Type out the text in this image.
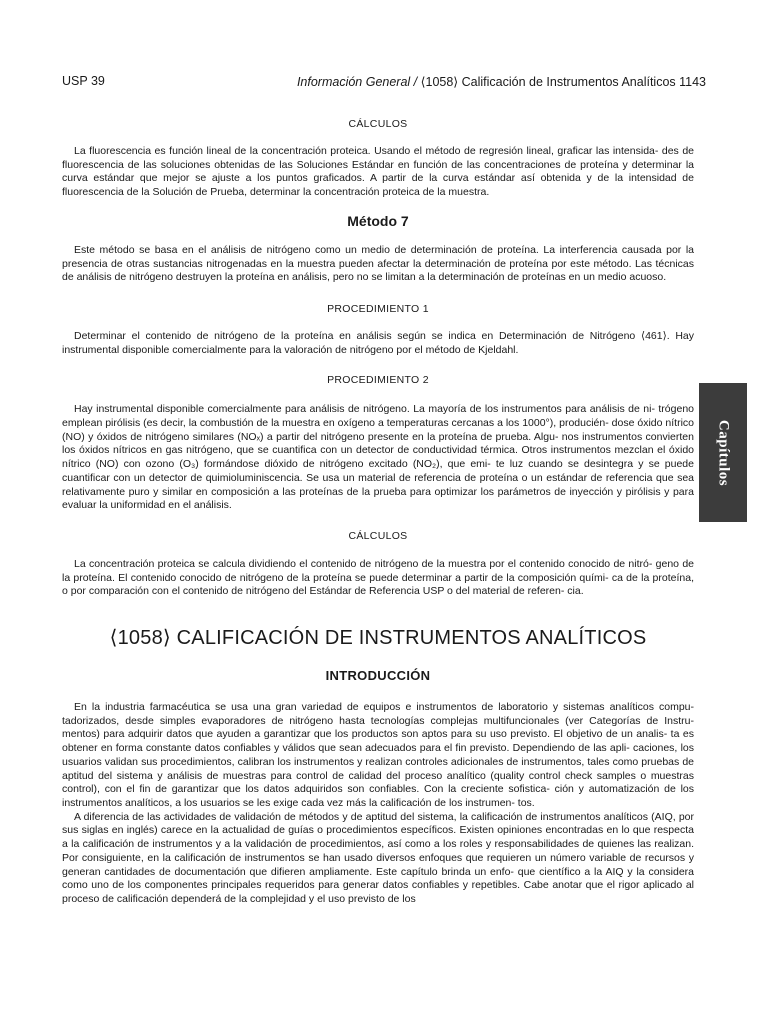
USP 39	Información General / ⟨1058⟩ Calificación de Instrumentos Analíticos 1143
CÁLCULOS

La fluorescencia es función lineal de la concentración proteica. Usando el método de regresión lineal, graficar las intensida- des de fluorescencia de las soluciones obtenidas de las Soluciones Estándar en función de las concentraciones de proteína y determinar la curva estándar que mejor se ajuste a los puntos graficados. A partir de la curva estándar así obtenida y de la intensidad de fluorescencia de la Solución de Prueba, determinar la concentración proteica de la muestra.

Método 7

Este método se basa en el análisis de nitrógeno como un medio de determinación de proteína. La interferencia causada por la presencia de otras sustancias nitrogenadas en la muestra pueden afectar la determinación de proteína por este método. Las técnicas de análisis de nitrógeno destruyen la proteína en análisis, pero no se limitan a la determinación de proteínas en un medio acuoso.

PROCEDIMIENTO 1

Determinar el contenido de nitrógeno de la proteína en análisis según se indica en Determinación de Nitrógeno ⟨461⟩. Hay instrumental disponible comercialmente para la valoración de nitrógeno por el método de Kjeldahl.

PROCEDIMIENTO 2

Hay instrumental disponible comercialmente para análisis de nitrógeno. La mayoría de los instrumentos para análisis de ni- trógeno emplean pirólisis (es decir, la combustión de la muestra en oxígeno a temperaturas cercanas a los 1000°), producién- dose óxido nítrico (NO) y óxidos de nitrógeno similares (NOₓ) a partir del nitrógeno presente en la proteína de prueba. Algu- nos instrumentos convierten los óxidos nítricos en gas nitrógeno, que se cuantifica con un detector de conductividad térmica. Otros instrumentos mezclan el óxido nítrico (NO) con ozono (O₃) formándose dióxido de nitrógeno excitado (NO₂), que emi- te luz cuando se desintegra y se puede cuantificar con un detector de quimioluminiscencia. Se usa un material de referencia de proteína o un estándar de referencia que sea relativamente puro y similar en composición a las proteínas de la prueba para optimizar los parámetros de inyección y pirólisis y para evaluar la uniformidad en el análisis.

CÁLCULOS

La concentración proteica se calcula dividiendo el contenido de nitrógeno de la muestra por el contenido conocido de nitró- geno de la proteína. El contenido conocido de nitrógeno de la proteína se puede determinar a partir de la composición quími- ca de la proteína, o por comparación con el contenido de nitrógeno del Estándar de Referencia USP o del material de referen- cia.

⟨1058⟩ CALIFICACIÓN DE INSTRUMENTOS ANALÍTICOS
INTRODUCCIÓN

En la industria farmacéutica se usa una gran variedad de equipos e instrumentos de laboratorio y sistemas analíticos compu- tadorizados, desde simples evaporadores de nitrógeno hasta tecnologías complejas multifuncionales (ver Categorías de Instru- mentos) para adquirir datos que ayuden a garantizar que los productos son aptos para su uso previsto. El objetivo de un analis- ta es obtener en forma constante datos confiables y válidos que sean adecuados para el fin previsto. Dependiendo de las apli- caciones, los usuarios validan sus procedimientos, calibran los instrumentos y realizan controles adicionales de instrumentos, tales como pruebas de aptitud del sistema y análisis de muestras para control de calidad del proceso analítico (quality control check samples o muestras control), con el fin de garantizar que los datos adquiridos son confiables. Con la creciente sofistica- ción y automatización de los instrumentos analíticos, a los usuarios se les exige cada vez más la calificación de los instrumen- tos.

A diferencia de las actividades de validación de métodos y de aptitud del sistema, la calificación de instrumentos analíticos (AIQ, por sus siglas en inglés) carece en la actualidad de guías o procedimientos específicos. Existen opiniones encontradas en lo que respecta a la calificación de instrumentos y a la validación de procedimientos, así como a los roles y responsabilidades de quienes las realizan. Por consiguiente, en la calificación de instrumentos se han usado diversos enfoques que requieren un número variable de recursos y generan cantidades de documentación que difieren ampliamente. Este capítulo brinda un enfo- que científico a la AIQ y la considera como uno de los componentes principales requeridos para generar datos confiables y repetibles. Cabe anotar que el rigor aplicado al proceso de calificación dependerá de la complejidad y el uso previsto de los

Capítulos
